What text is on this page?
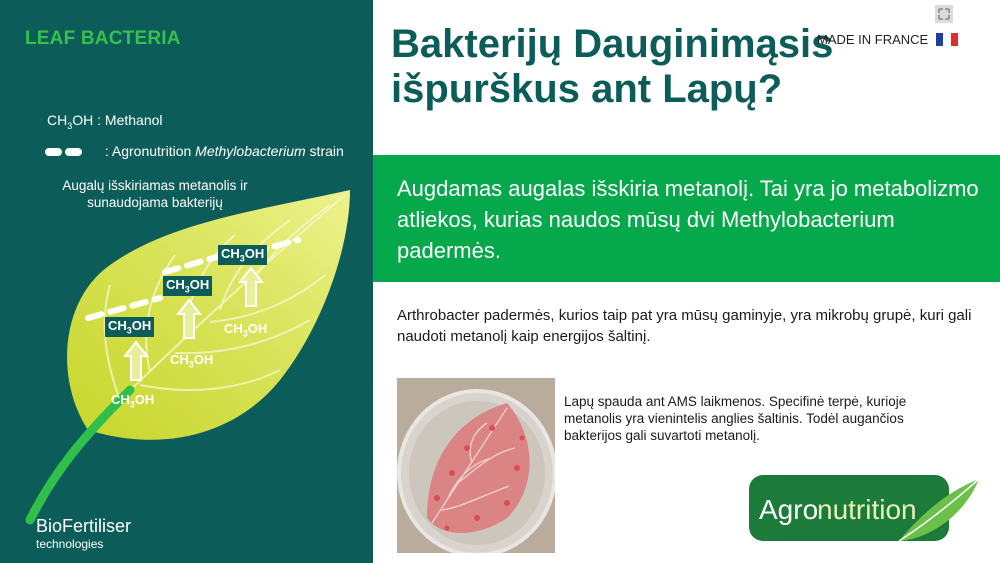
LEAF BACTERIA
$CH_3OH$ : Methanol
: Agronutrition Methylobacterium strain
Augalų išskiriamas metanolis ir sunaudojama bakterijų
$CH_3OH$
$CH_3OH$
$CH_3OH$	$CH_3OH$
$CH_3OH$
$CH_3OH$
BioFertiliser
technologies
Bakterijų Dauginimąsis išpurškus ant Lapų?
MADE IN FRANCE
Augdamas augalas išskiria metanolį. Tai yra jo metabolizmo atliekos, kurias naudos mūsų dvi Methylobacterium padermės.
Arthrobacter padermės, kurios taip pat yra mūsų gaminyje, yra mikrobų grupė, kuri gali naudoti metanolį kaip energijos šaltinį.
Lapų spauda ant AMS laikmenos. Specifinė terpė, kurioje metanolis yra vienintelis anglies šaltinis. Todėl augančios bakterijos gali suvartoti metanolį.
Agro
nutrition
